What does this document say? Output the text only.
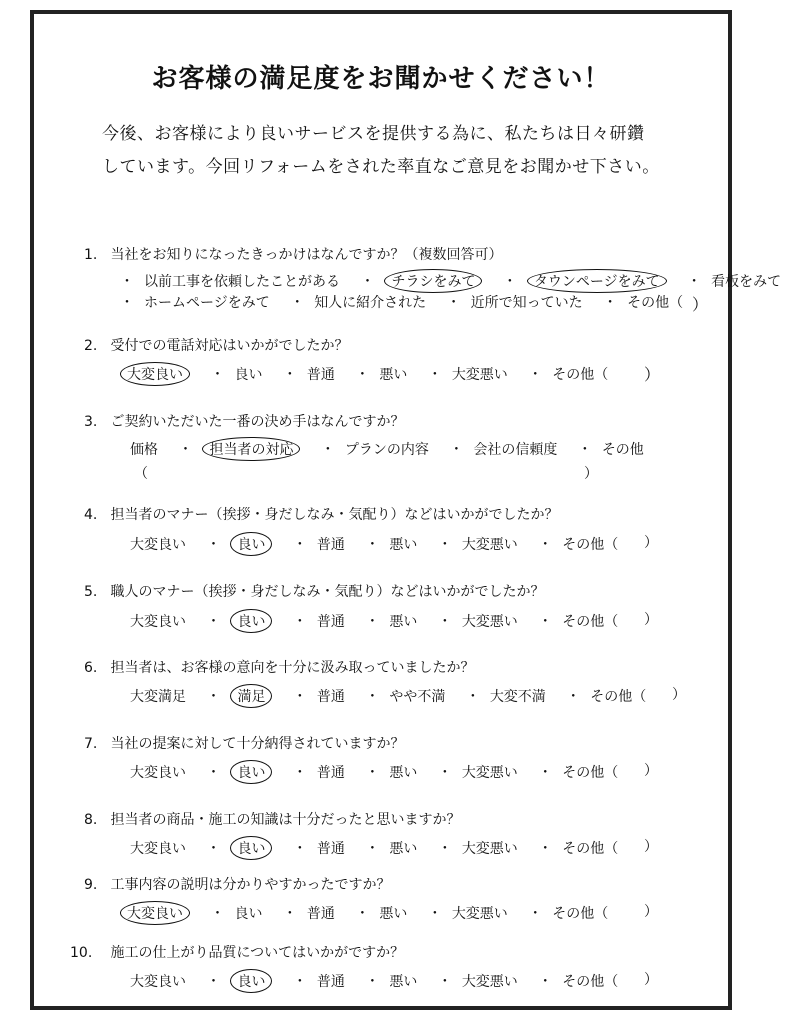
お客様の満足度をお聞かせください！
今後、お客様により良いサービスを提供する為に、私たちは日々研鑽
しています。今回リフォームをされた率直なご意見をお聞かせ下さい。
1. 当社をお知りになったきっかけはなんですか？（複数回答可）
・ 以前工事を依頼したことがある ・ チラシをみて ・ タウンページをみて ・ 看板をみて
・ ホームページをみて ・ 知人に紹介された ・ 近所で知っていた ・ その他（ ）
2. 受付での電話対応はいかがでしたか？
大変良い ・ 良い ・ 普通 ・ 悪い ・ 大変悪い ・ その他（	）
3. ご契約いただいた一番の決め手はなんですか？
価格 ・ 担当者の対応 ・ プランの内容 ・ 会社の信頼度 ・ その他
（	）
4. 担当者のマナー（挨拶・身だしなみ・気配り）などはいかがでしたか？
大変良い ・ 良い ・ 普通 ・ 悪い ・ 大変悪い ・ その他（	）
5. 職人のマナー（挨拶・身だしなみ・気配り）などはいかがでしたか？
大変良い ・ 良い ・ 普通 ・ 悪い ・ 大変悪い ・ その他（	）
6. 担当者は、お客様の意向を十分に汲み取っていましたか？
大変満足 ・ 満足 ・ 普通 ・ やや不満 ・ 大変不満 ・ その他（	）
7. 当社の提案に対して十分納得されていますか？
大変良い ・ 良い ・ 普通 ・ 悪い ・ 大変悪い ・ その他（	）
8. 担当者の商品・施工の知識は十分だったと思いますか？
大変良い ・ 良い ・ 普通 ・ 悪い ・ 大変悪い ・ その他（	）
9. 工事内容の説明は分かりやすかったですか？
大変良い ・ 良い ・ 普通 ・ 悪い ・ 大変悪い ・ その他（	）
10. 施工の仕上がり品質についてはいかがですか？
大変良い ・ 良い ・ 普通 ・ 悪い ・ 大変悪い ・ その他（	）
